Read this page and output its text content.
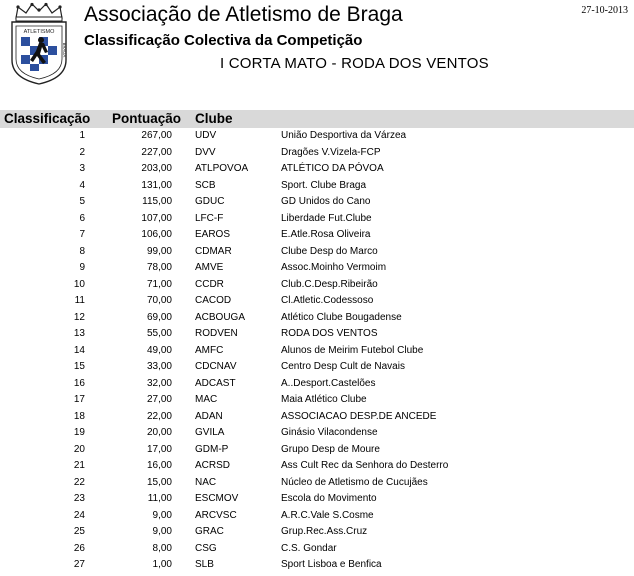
ATLETISMO
BRAGA
Associação de Atletismo de Braga
Classificação Colectiva da Competição
I CORTA MATO - RODA DOS VENTOS
27-10-2013
Classificação Pontuação Clube
1	267,00 UDV	União Desportiva da Várzea
2	227,00 DVV	Dragões V.Vizela-FCP
3	203,00 ATLPOVOA	ATLÉTICO DA PÓVOA
4	131,00 SCB	Sport. Clube Braga
5	115,00 GDUC	GD Unidos do Cano
6	107,00 LFC-F	Liberdade Fut.Clube
7	106,00 EAROS	E.Atle.Rosa Oliveira
8	99,00 CDMAR	Clube Desp do Marco
9	78,00 AMVE	Assoc.Moinho Vermoim
10	71,00 CCDR	Club.C.Desp.Ribeirão
11	70,00 CACOD	Cl.Atletic.Codessoso
12	69,00 ACBOUGA	Atlético Clube Bougadense
13	55,00 RODVEN	RODA DOS VENTOS
14	49,00 AMFC	Alunos de Meirim Futebol Clube
15	33,00 CDCNAV	Centro Desp Cult de Navais
16	32,00 ADCAST	A..Desport.Castelões
17	27,00 MAC	Maia Atlético Clube
18	22,00 ADAN	ASSOCIACAO DESP.DE ANCEDE
19	20,00 GVILA	Ginásio Vilacondense
20	17,00 GDM-P	Grupo Desp de Moure
21	16,00 ACRSD	Ass Cult Rec da Senhora do Desterro
22	15,00 NAC	Núcleo de Atletismo de Cucujães
23	11,00 ESCMOV	Escola do Movimento
24	9,00 ARCVSC	A.R.C.Vale S.Cosme
25	9,00 GRAC	Grup.Rec.Ass.Cruz
26	8,00 CSG	C.S. Gondar
27	1,00 SLB	Sport Lisboa e Benfica
